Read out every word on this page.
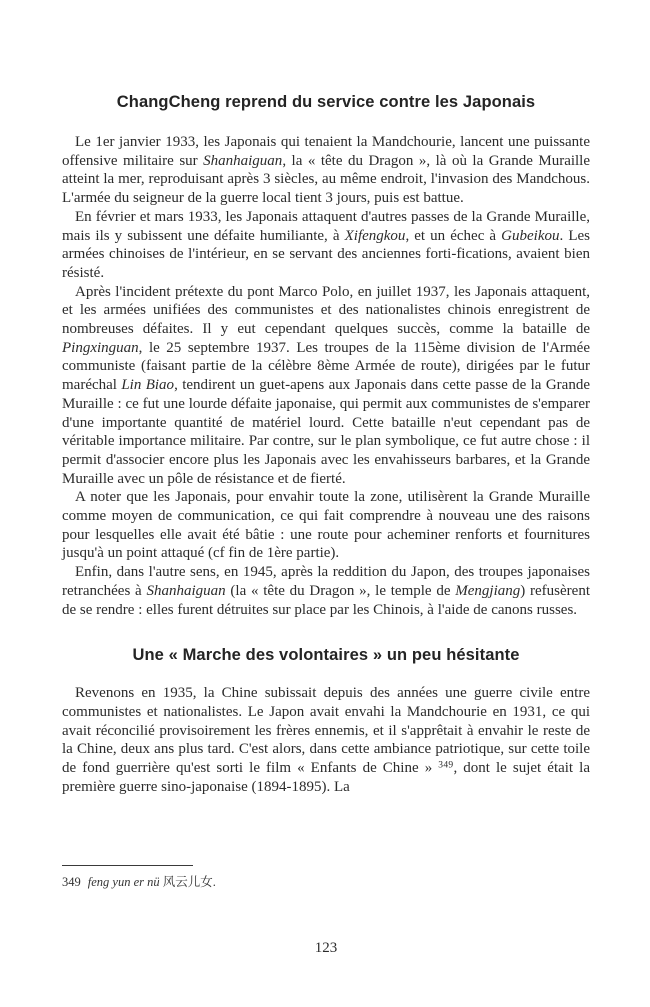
ChangCheng reprend du service contre les Japonais

Le 1er janvier 1933, les Japonais qui tenaient la Mandchourie, lancent une puissante offensive militaire sur Shanhaiguan, la « tête du Dragon », là où la Grande Muraille atteint la mer, reproduisant après 3 siècles, au même endroit, l'invasion des Mandchous. L'armée du seigneur de la guerre local tient 3 jours, puis est battue.

En février et mars 1933, les Japonais attaquent d'autres passes de la Grande Muraille, mais ils y subissent une défaite humiliante, à Xifengkou, et un échec à Gubeikou. Les armées chinoises de l'intérieur, en se servant des anciennes forti-fications, avaient bien résisté.

Après l'incident prétexte du pont Marco Polo, en juillet 1937, les Japonais attaquent, et les armées unifiées des communistes et des nationalistes chinois enregistrent de nombreuses défaites. Il y eut cependant quelques succès, comme la bataille de Pingxinguan, le 25 septembre 1937. Les troupes de la 115ème division de l'Armée communiste (faisant partie de la célèbre 8ème Armée de route), dirigées par le futur maréchal Lin Biao, tendirent un guet-apens aux Japonais dans cette passe de la Grande Muraille : ce fut une lourde défaite japonaise, qui permit aux communistes de s'emparer d'une importante quantité de matériel lourd. Cette bataille n'eut cependant pas de véritable importance militaire. Par contre, sur le plan symbolique, ce fut autre chose : il permit d'associer encore plus les Japonais avec les envahisseurs barbares, et la Grande Muraille avec un pôle de résistance et de fierté.

A noter que les Japonais, pour envahir toute la zone, utilisèrent la Grande Muraille comme moyen de communication, ce qui fait comprendre à nouveau une des raisons pour lesquelles elle avait été bâtie : une route pour acheminer renforts et fournitures jusqu'à un point attaqué (cf fin de 1ère partie).

Enfin, dans l'autre sens, en 1945, après la reddition du Japon, des troupes japonaises retranchées à Shanhaiguan (la « tête du Dragon », le temple de Mengjiang) refusèrent de se rendre : elles furent détruites sur place par les Chinois, à l'aide de canons russes.

Une « Marche des volontaires » un peu hésitante

Revenons en 1935, la Chine subissait depuis des années une guerre civile entre communistes et nationalistes. Le Japon avait envahi la Mandchourie en 1931, ce qui avait réconcilié provisoirement les frères ennemis, et il s'apprêtait à envahir le reste de la Chine, deux ans plus tard. C'est alors, dans cette ambiance patriotique, sur cette toile de fond guerrière qu'est sorti le film « Enfants de Chine » $^{349}$, dont le sujet était la première guerre sino-japonaise (1894-1895). La

349 feng yun er nü 风云儿女.
123
